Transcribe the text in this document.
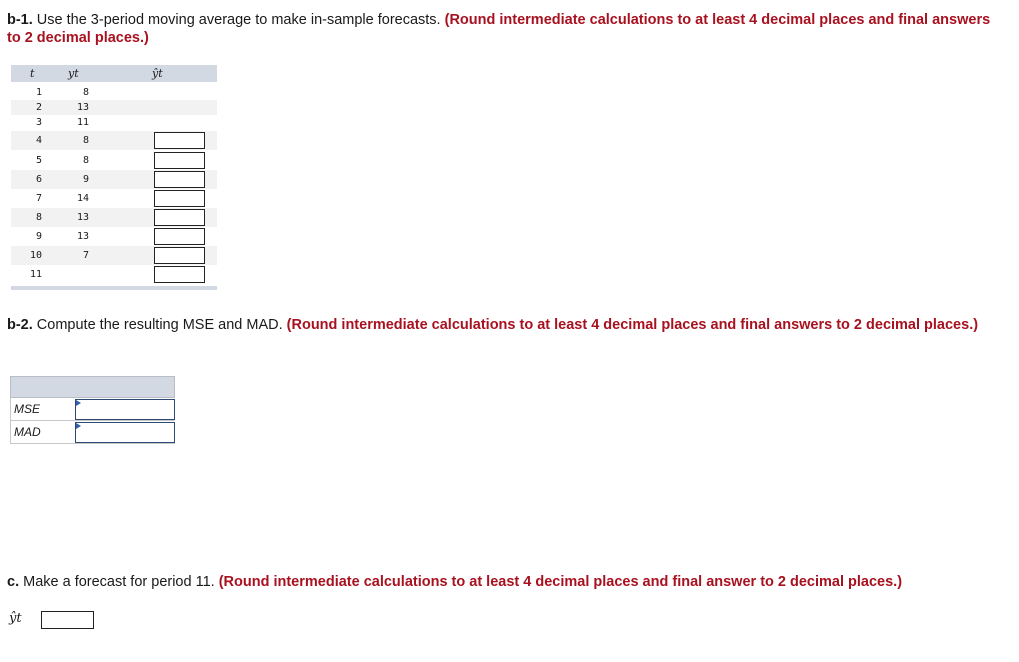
b-1. Use the 3-period moving average to make in-sample forecasts. (Round intermediate calculations to at least 4 decimal places and final answers to 2 decimal places.)

t	yt	ŷt
1	8
2	13
3	11
4	8
5	8
6	9
7	14
8	13
9	13
10	7
11

b-2. Compute the resulting MSE and MAD. (Round intermediate calculations to at least 4 decimal places and final answers to 2 decimal places.)

MSE
MAD

c. Make a forecast for period 11. (Round intermediate calculations to at least 4 decimal places and final answer to 2 decimal places.)

ŷt
